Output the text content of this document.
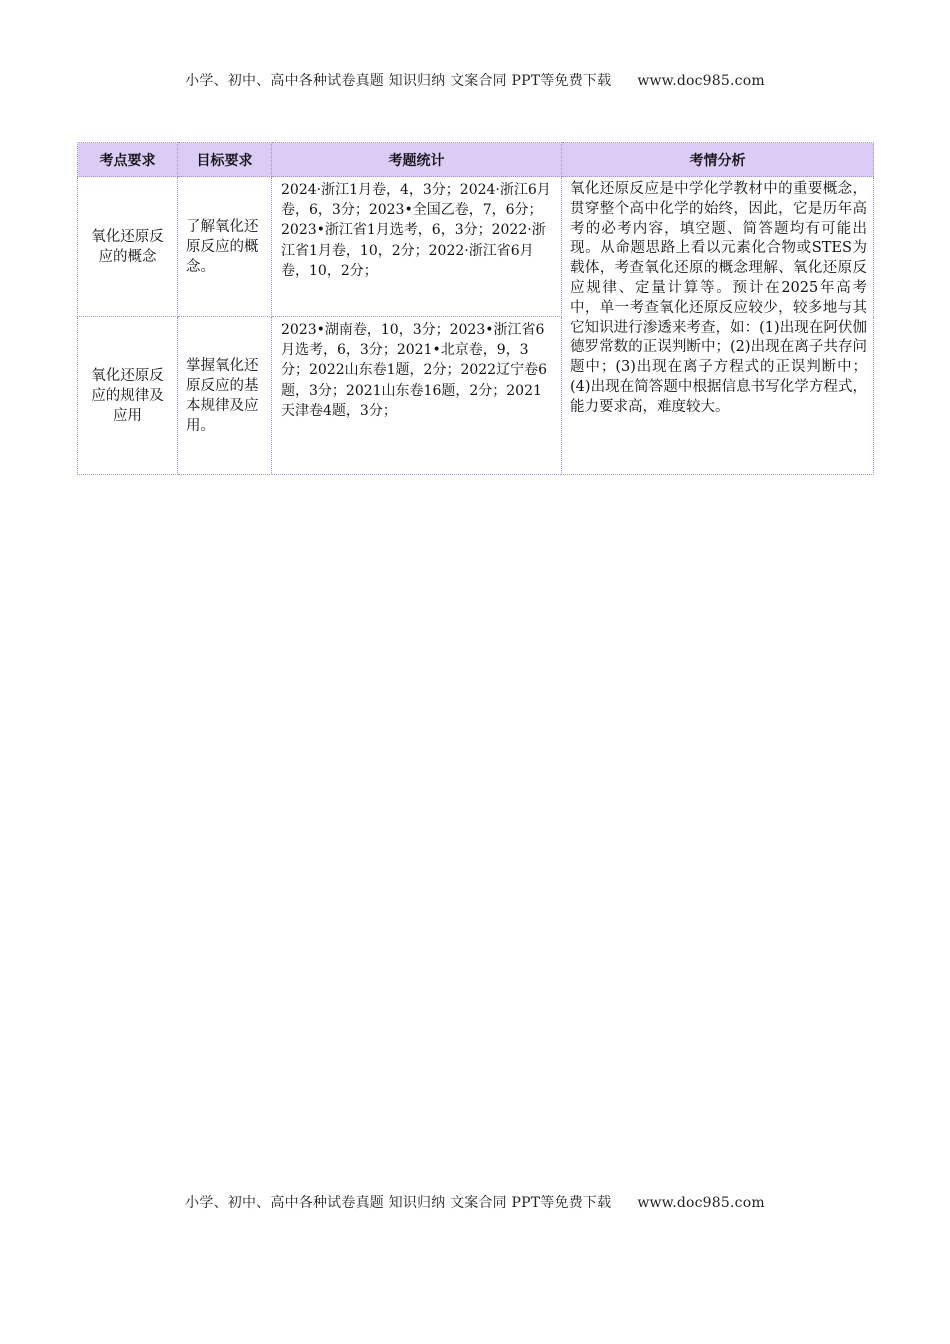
小学、初中、高中各种试卷真题 知识归纳 文案合同 PPT等免费下载 www.doc985.com
考点要求	目标要求	考题统计	考情分析
氧化还原反应的概念	了解氧化还原反应的概念。	2024·浙江1月卷，4，3分；2024·浙江6月卷，6，3分；2023•全国乙卷，7，6分；2023•浙江省1月选考，6，3分；2022·浙江省1月卷，10，2分；2022·浙江省6月卷，10，2分；	氧化还原反应是中学化学教材中的重要概念，贯穿整个高中化学的始终，因此，它是历年高考的必考内容，填空题、简答题均有可能出现。从命题思路上看以元素化合物或STES为载体，考查氧化还原的概念理解、氧化还原反应规律、定量计算等。预计在2025年高考中，单一考查氧化还原反应较少，较多地与其它知识进行渗透来考查，如：(1)出现在阿伏伽德罗常数的正误判断中；(2)出现在离子共存问题中；(3)出现在离子方程式的正误判断中；(4)出现在简答题中根据信息书写化学方程式，能力要求高，难度较大。
氧化还原反应的规律及应用	掌握氧化还原反应的基本规律及应用。	2023•湖南卷，10，3分；2023•浙江省6月选考，6，3分；2021•北京卷，9，3分；2022山东卷1题，2分；2022辽宁卷6题，3分；2021山东卷16题，2分；2021天津卷4题，3分；	
小学、初中、高中各种试卷真题 知识归纳 文案合同 PPT等免费下载 www.doc985.com
